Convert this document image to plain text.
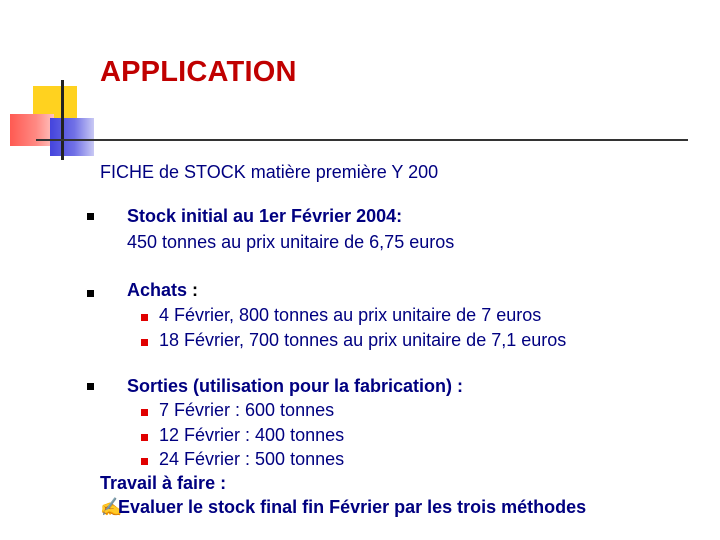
APPLICATION
FICHE de STOCK matière première Y 200
Stock initial au 1er Février 2004:
450 tonnes au prix unitaire de 6,75 euros
Achats :
4 Février, 800 tonnes au prix unitaire de 7 euros
18 Février, 700 tonnes au prix unitaire de 7,1 euros
Sorties (utilisation pour la fabrication) :
7 Février : 600 tonnes
12 Février : 400 tonnes
24 Février : 500 tonnes
Travail à faire :
✍Evaluer le stock final fin Février par les trois méthodes
